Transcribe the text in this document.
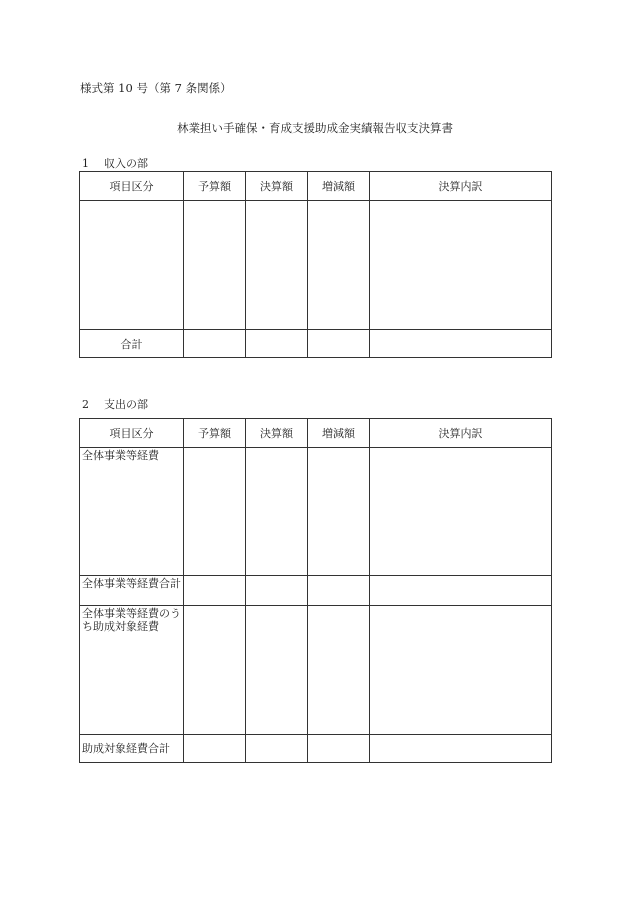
様式第 10 号（第 7 条関係）
林業担い手確保・育成支援助成金実績報告収支決算書
1 収入の部
項目区分	予算額	決算額	増減額	決算内訳

合計				
2 支出の部
項目区分	予算額	決算額	増減額	決算内訳
全体事業等経費				
全体事業等経費合計				
全体事業等経費のうち助成対象経費				
助成対象経費合計				
